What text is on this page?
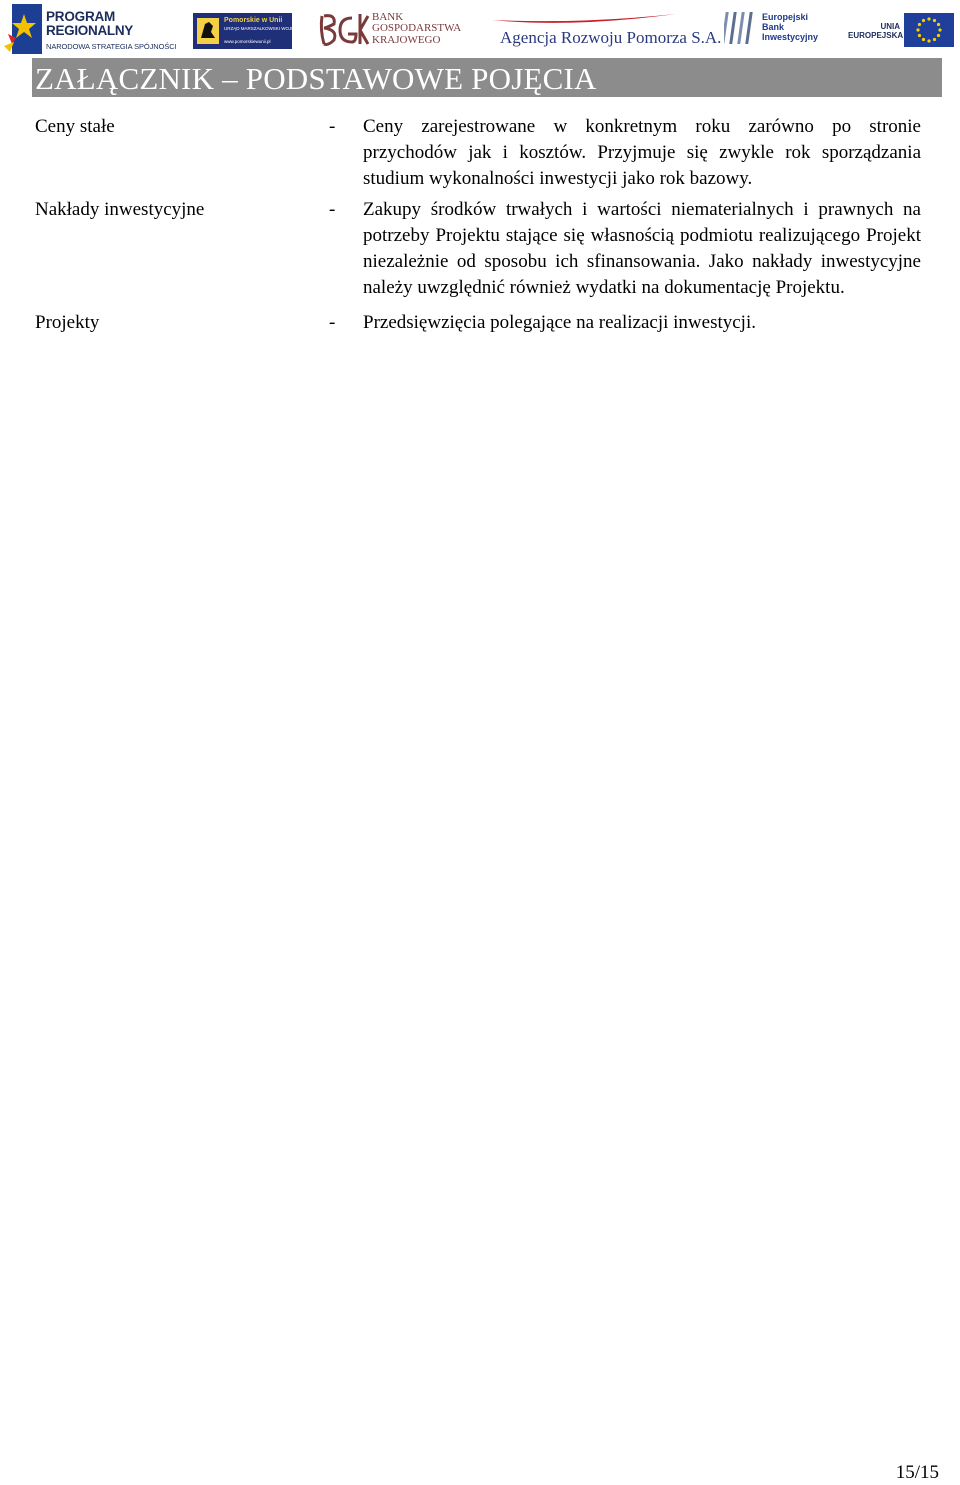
PROGRAM
REGIONALNY
NARODOWA STRATEGIA SPÓJNOŚCI
Pomorskie w Unii
URZĄD MARSZAŁKOWSKI WOJEWÓDZTWA POMORSKIEGO
www.pomorskiewunii.pl
BANK
GOSPODARSTWA
KRAJOWEGO	Agencja Rozwoju Pomorza S.A.
Europejski
Bank
Inwestycyjny
UNIA
EUROPEJSKA
ZAŁĄCZNIK – PODSTAWOWE POJĘCIA
Ceny stałe	- Ceny zarejestrowane w konkretnym roku zarówno po stronie przychodów jak i kosztów. Przyjmuje się zwykle rok sporządzania studium wykonalności inwestycji jako rok bazowy.
Nakłady inwestycyjne	- Zakupy środków trwałych i wartości niematerialnych i prawnych na potrzeby Projektu stające się własnością podmiotu realizującego Projekt niezależnie od sposobu ich sfinansowania. Jako nakłady inwestycyjne należy uwzględnić również wydatki na dokumentację Projektu.
Projekty	- Przedsięwzięcia polegające na realizacji inwestycji.
15/15
